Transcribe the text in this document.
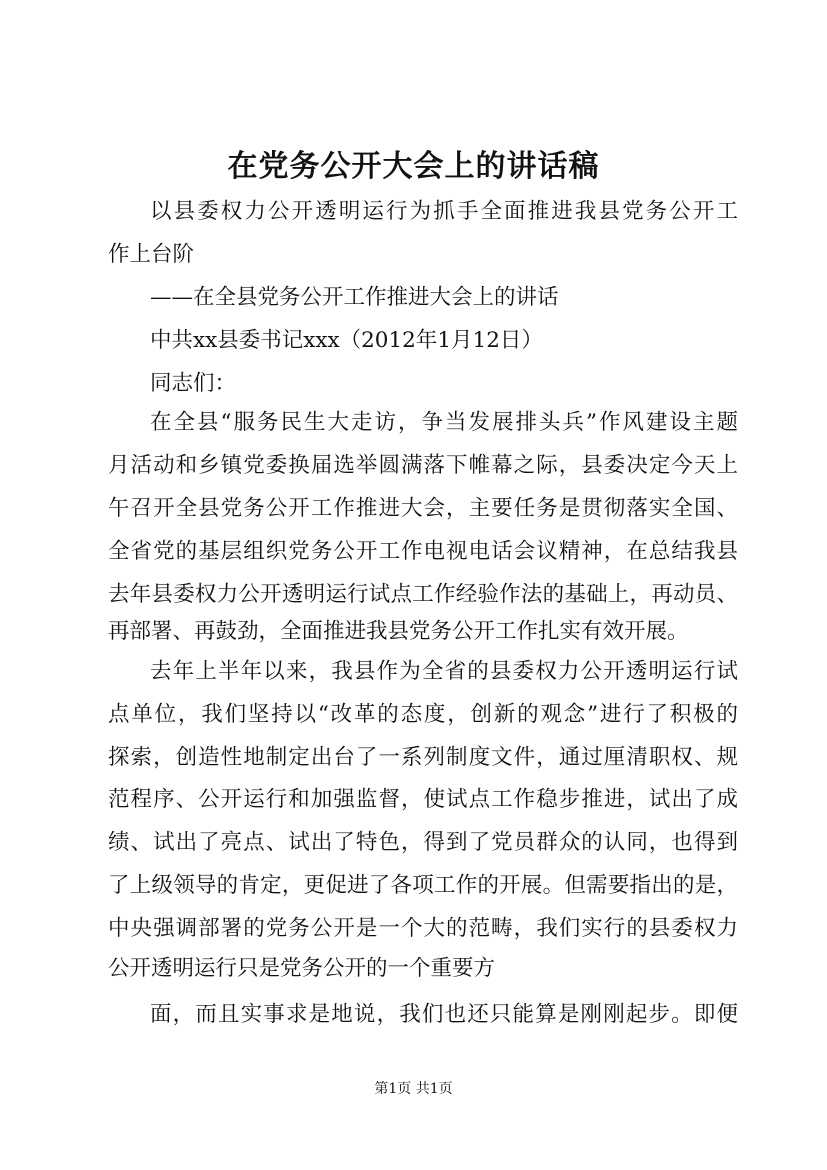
在党务公开大会上的讲话稿
以县委权力公开透明运行为抓手全面推进我县党务公开工
作上台阶
——在全县党务公开工作推进大会上的讲话
中共xx县委书记xxx（2012年1月12日）
同志们：
在全县“服务民生大走访，争当发展排头兵”作风建设主题
月活动和乡镇党委换届选举圆满落下帷幕之际，县委决定今天上
午召开全县党务公开工作推进大会，主要任务是贯彻落实全国、
全省党的基层组织党务公开工作电视电话会议精神，在总结我县
去年县委权力公开透明运行试点工作经验作法的基础上，再动员、
再部署、再鼓劲，全面推进我县党务公开工作扎实有效开展。
去年上半年以来，我县作为全省的县委权力公开透明运行试
点单位，我们坚持以“改革的态度，创新的观念”进行了积极的
探索，创造性地制定出台了一系列制度文件，通过厘清职权、规
范程序、公开运行和加强监督，使试点工作稳步推进，试出了成
绩、试出了亮点、试出了特色，得到了党员群众的认同，也得到
了上级领导的肯定，更促进了各项工作的开展。但需要指出的是，
中央强调部署的党务公开是一个大的范畴，我们实行的县委权力
公开透明运行只是党务公开的一个重要方
面，而且实事求是地说，我们也还只能算是刚刚起步。即便
第1页 共1页
